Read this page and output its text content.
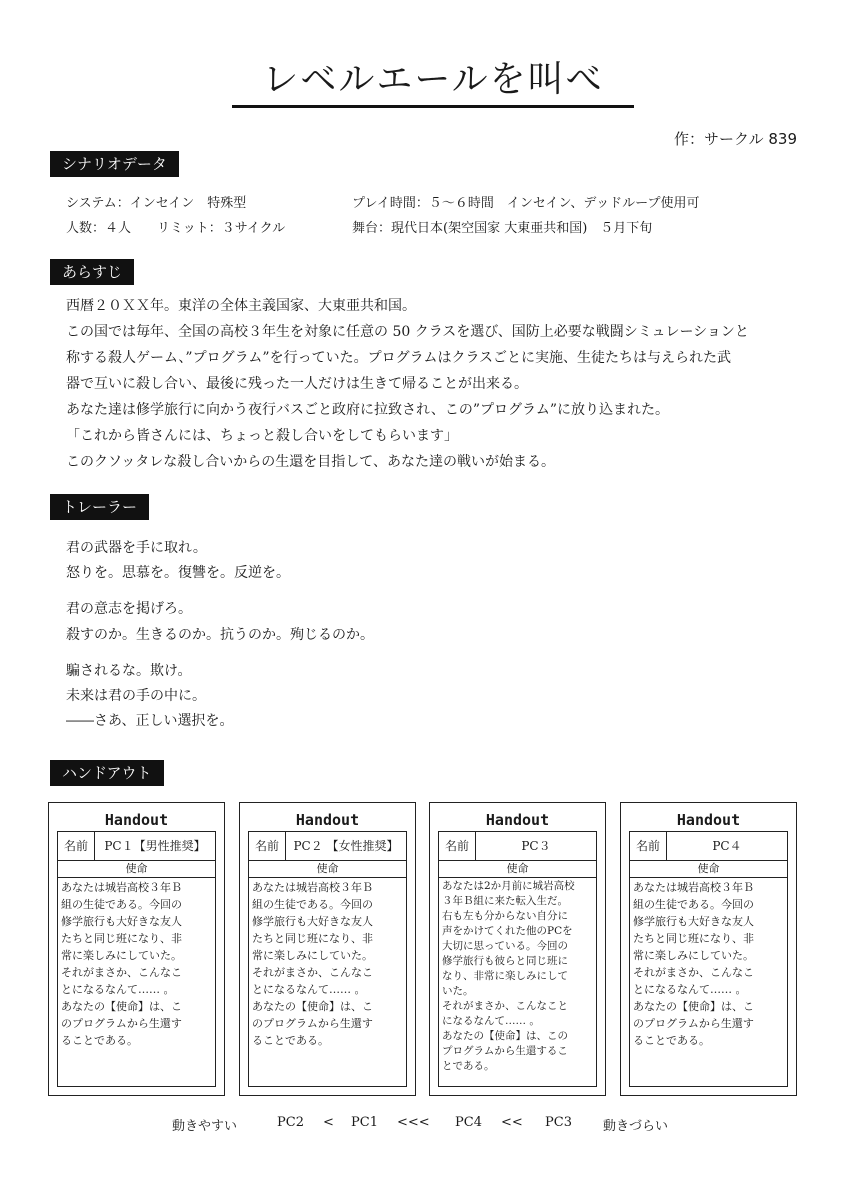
レベルエールを叫べ
作：サークル 839
シナリオデータ
システム：インセイン　特殊型	プレイ時間：５～６時間　インセイン、デッドループ使用可
人数：４人　　リミット：３サイクル	舞台：現代日本(架空国家 大東亜共和国)　５月下旬
あらすじ
西暦２０ＸＸ年。東洋の全体主義国家、大東亜共和国。
この国では毎年、全国の高校３年生を対象に任意の 50 クラスを選び、国防上必要な戦闘シミュレーションと
称する殺人ゲーム、”プログラム”を行っていた。プログラムはクラスごとに実施、生徒たちは与えられた武
器で互いに殺し合い、最後に残った一人だけは生きて帰ることが出来る。
あなた達は修学旅行に向かう夜行バスごと政府に拉致され、この”プログラム”に放り込まれた。
「これから皆さんには、ちょっと殺し合いをしてもらいます」
このクソッタレな殺し合いからの生還を目指して、あなた達の戦いが始まる。
トレーラー
君の武器を手に取れ。
怒りを。思慕を。復讐を。反逆を。
君の意志を掲げろ。
殺すのか。生きるのか。抗うのか。殉じるのか。
騙されるな。欺け。
未来は君の手の中に。
――さあ、正しい選択を。
ハンドアウト
Handout
名前	PC１【男性推奨】
使命
あなたは城岩高校３年Ｂ
組の生徒である。今回の
修学旅行も大好きな友人
たちと同じ班になり、非
常に楽しみにしていた。
それがまさか、こんなこ
とになるなんて…… 。
あなたの【使命】は、こ
のプログラムから生還す
ることである。
Handout
名前	PC２ 【女性推奨】
使命
あなたは城岩高校３年Ｂ
組の生徒である。今回の
修学旅行も大好きな友人
たちと同じ班になり、非
常に楽しみにしていた。
それがまさか、こんなこ
とになるなんて…… 。
あなたの【使命】は、こ
のプログラムから生還す
ることである。
Handout
名前	PC３
使命
あなたは2か月前に城岩高校
３年Ｂ組に来た転入生だ。
右も左も分からない自分に
声をかけてくれた他のPCを
大切に思っている。今回の
修学旅行も彼らと同じ班に
なり、非常に楽しみにして
いた。
それがまさか、こんなこと
になるなんて…… 。
あなたの【使命】は、この
プログラムから生還するこ
とである。
Handout
名前	PC４
使命
あなたは城岩高校３年Ｂ
組の生徒である。今回の
修学旅行も大好きな友人
たちと同じ班になり、非
常に楽しみにしていた。
それがまさか、こんなこ
とになるなんて…… 。
あなたの【使命】は、こ
のプログラムから生還す
ることである。
動きやすい	PC2 < PC1 <<< PC4 << PC3 動きづらい
